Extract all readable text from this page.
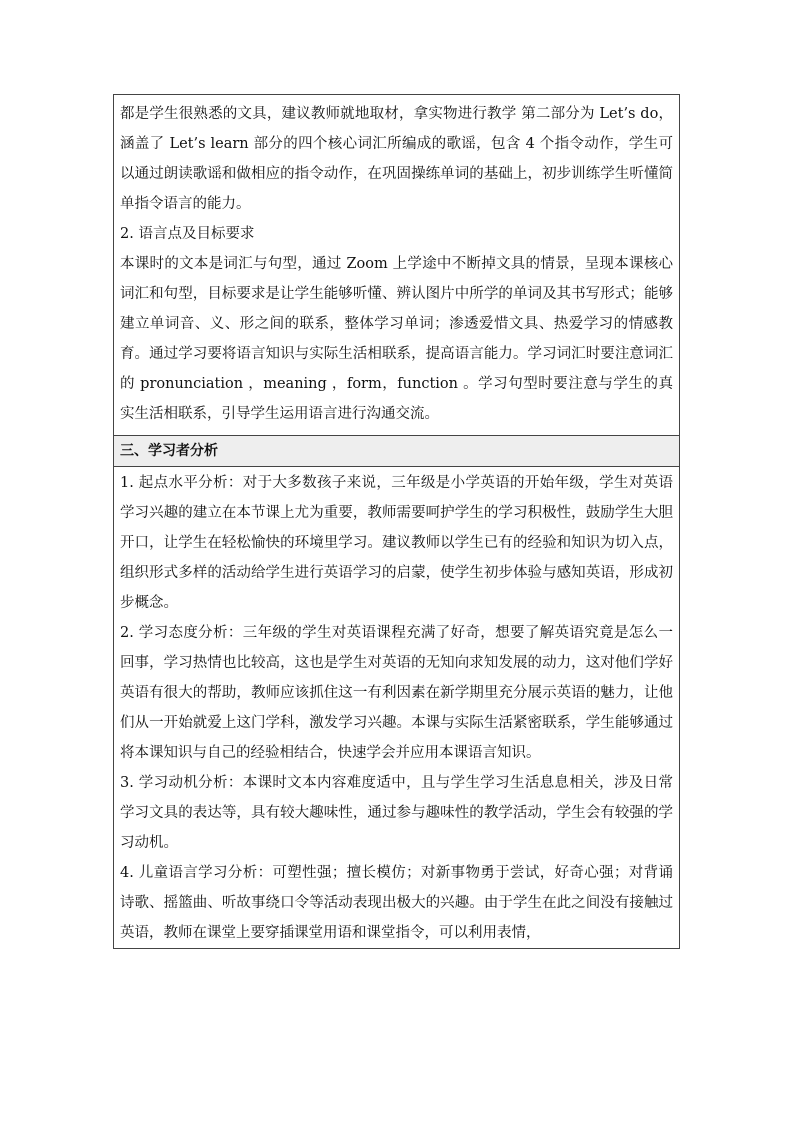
都是学生很熟悉的文具，建议教师就地取材，拿实物进行教学 第二部分为 Let’s do，涵盖了 Let’s learn 部分的四个核心词汇所编成的歌谣，包含 4 个指令动作，学生可以通过朗读歌谣和做相应的指令动作，在巩固操练单词的基础上，初步训练学生听懂简单指令语言的能力。

2. 语言点及目标要求

本课时的文本是词汇与句型，通过 Zoom 上学途中不断掉文具的情景，呈现本课核心词汇和句型，目标要求是让学生能够听懂、辨认图片中所学的单词及其书写形式；能够建立单词音、义、形之间的联系，整体学习单词；渗透爱惜文具、热爱学习的情感教育。通过学习要将语言知识与实际生活相联系，提高语言能力。学习词汇时要注意词汇的 pronunciation ，meaning ，form，function 。学习句型时要注意与学生的真实生活相联系，引导学生运用语言进行沟通交流。

三、学习者分析

1. 起点水平分析：对于大多数孩子来说，三年级是小学英语的开始年级，学生对英语学习兴趣的建立在本节课上尤为重要，教师需要呵护学生的学习积极性，鼓励学生大胆开口，让学生在轻松愉快的环境里学习。建议教师以学生已有的经验和知识为切入点，组织形式多样的活动给学生进行英语学习的启蒙，使学生初步体验与感知英语，形成初步概念。

2. 学习态度分析：三年级的学生对英语课程充满了好奇，想要了解英语究竟是怎么一回事，学习热情也比较高，这也是学生对英语的无知向求知发展的动力，这对他们学好英语有很大的帮助，教师应该抓住这一有利因素在新学期里充分展示英语的魅力，让他们从一开始就爱上这门学科，激发学习兴趣。本课与实际生活紧密联系，学生能够通过将本课知识与自己的经验相结合，快速学会并应用本课语言知识。

3. 学习动机分析：本课时文本内容难度适中，且与学生学习生活息息相关，涉及日常学习文具的表达等，具有较大趣味性，通过参与趣味性的教学活动，学生会有较强的学习动机。

4. 儿童语言学习分析：可塑性强；擅长模仿；对新事物勇于尝试，好奇心强；对背诵诗歌、摇篮曲、听故事绕口令等活动表现出极大的兴趣。由于学生在此之间没有接触过英语，教师在课堂上要穿插课堂用语和课堂指令，可以利用表情，
